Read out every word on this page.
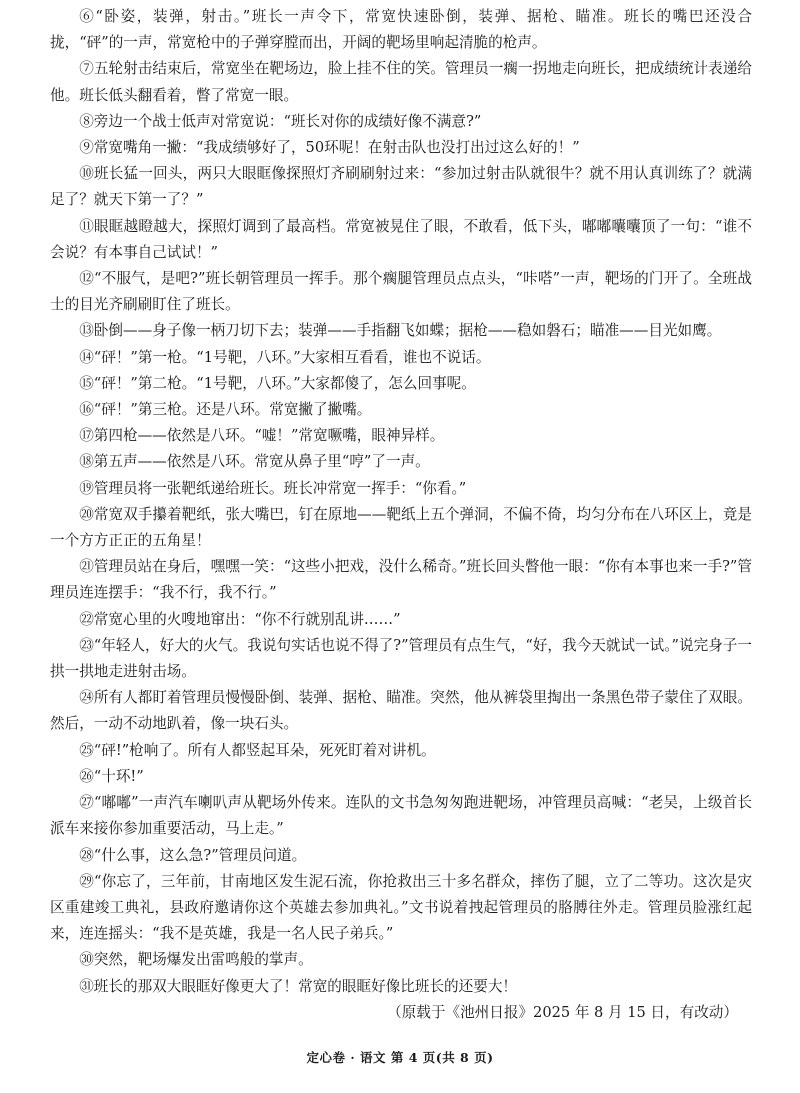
⑥“卧姿，装弹，射击。”班长一声令下，常宽快速卧倒，装弹、据枪、瞄准。班长的嘴巴还没合拢，“砰”的一声，常宽枪中的子弹穿膛而出，开阔的靶场里响起清脆的枪声。

⑦五轮射击结束后，常宽坐在靶场边，脸上挂不住的笑。管理员一瘸一拐地走向班长，把成绩统计表递给他。班长低头翻看着，瞥了常宽一眼。

⑧旁边一个战士低声对常宽说：“班长对你的成绩好像不满意?”

⑨常宽嘴角一撇：“我成绩够好了，50环呢！在射击队也没打出过这么好的！”

⑩班长猛一回头，两只大眼眶像探照灯齐刷刷射过来：“参加过射击队就很牛？就不用认真训练了？就满足了？就天下第一了？”

⑪眼眶越瞪越大，探照灯调到了最高档。常宽被晃住了眼，不敢看，低下头，嘟嘟囔囔顶了一句：“谁不会说？有本事自己试试！”

⑫“不服气，是吧?”班长朝管理员一挥手。那个瘸腿管理员点点头，“咔嗒”一声，靶场的门开了。全班战士的目光齐刷刷盯住了班长。

⑬卧倒——身子像一柄刀切下去；装弹——手指翻飞如蝶；据枪——稳如磐石；瞄准——目光如鹰。

⑭“砰！”第一枪。“1号靶，八环。”大家相互看看，谁也不说话。

⑮“砰！”第二枪。“1号靶，八环。”大家都傻了，怎么回事呢。

⑯“砰！”第三枪。还是八环。常宽撇了撇嘴。

⑰第四枪——依然是八环。“嘘！”常宽噘嘴，眼神异样。

⑱第五声——依然是八环。常宽从鼻子里“哼”了一声。

⑲管理员将一张靶纸递给班长。班长冲常宽一挥手：“你看。”

⑳常宽双手攥着靶纸，张大嘴巴，钉在原地——靶纸上五个弹洞，不偏不倚，均匀分布在八环区上，竟是一个方方正正的五角星！

㉑管理员站在身后，嘿嘿一笑：“这些小把戏，没什么稀奇。”班长回头瞥他一眼：“你有本事也来一手?”管理员连连摆手：“我不行，我不行。”

㉒常宽心里的火嗖地窜出：“你不行就别乱讲……”

㉓“年轻人，好大的火气。我说句实话也说不得了?”管理员有点生气，“好，我今天就试一试。”说完身子一拱一拱地走进射击场。

㉔所有人都盯着管理员慢慢卧倒、装弹、据枪、瞄准。突然，他从裤袋里掏出一条黑色带子蒙住了双眼。然后，一动不动地趴着，像一块石头。

㉕“砰!”枪响了。所有人都竖起耳朵，死死盯着对讲机。

㉖“十环!”

㉗“嘟嘟”一声汽车喇叭声从靶场外传来。连队的文书急匆匆跑进靶场，冲管理员高喊：“老吴，上级首长派车来接你参加重要活动，马上走。”

㉘“什么事，这么急?”管理员问道。

㉙“你忘了，三年前，甘南地区发生泥石流，你抢救出三十多名群众，摔伤了腿，立了二等功。这次是灾区重建竣工典礼，县政府邀请你这个英雄去参加典礼。”文书说着拽起管理员的胳膊往外走。管理员脸涨红起来，连连摇头：“我不是英雄，我是一名人民子弟兵。”

㉚突然，靶场爆发出雷鸣般的掌声。

㉛班长的那双大眼眶好像更大了！常宽的眼眶好像比班长的还要大！

（原载于《池州日报》2025 年 8 月 15 日，有改动）

定心卷 · 语文 第 4 页(共 8 页)
